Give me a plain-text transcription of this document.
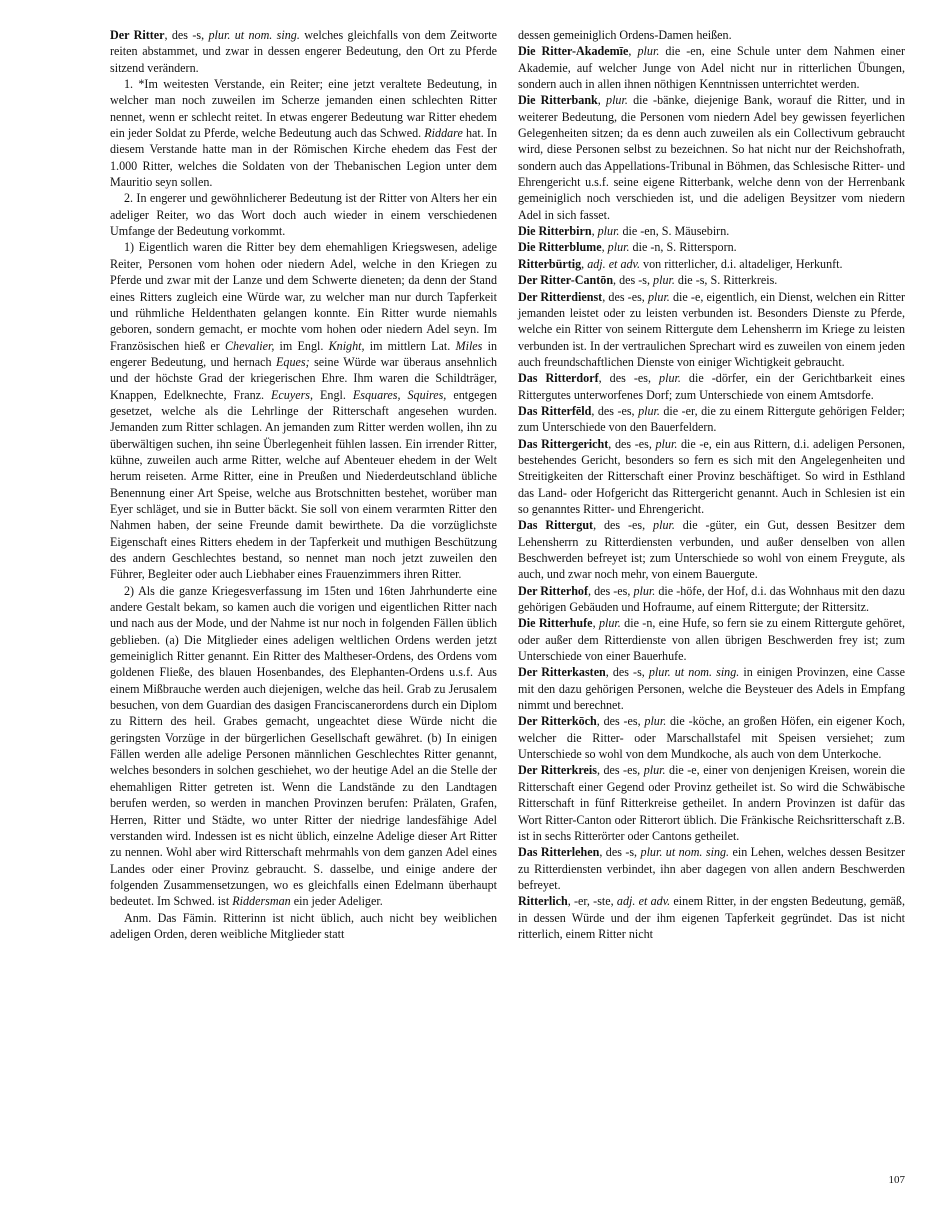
Der Ritter, des -s, plur. ut nom. sing. welches gleichfalls von dem Zeitworte reiten abstammet, und zwar in dessen engerer Bedeutung, den Ort zu Pferde sitzend verändern.

1. *Im weitesten Verstande, ein Reiter; eine jetzt veraltete Bedeutung, in welcher man noch zuweilen im Scherze jemanden einen schlechten Ritter nennet, wenn er schlecht reitet. In etwas engerer Bedeutung war Ritter ehedem ein jeder Soldat zu Pferde, welche Bedeutung auch das Schwed. Riddare hat. In diesem Verstande hatte man in der Römischen Kirche ehedem das Fest der 1.000 Ritter, welches die Soldaten von der Thebanischen Legion unter dem Mauritio seyn sollen.

2. In engerer und gewöhnlicherer Bedeutung ist der Ritter von Alters her ein adeliger Reiter, wo das Wort doch auch wieder in einem verschiedenen Umfange der Bedeutung vorkommt.

1) Eigentlich waren die Ritter bey dem ehemahligen Kriegswesen, adelige Reiter, Personen vom hohen oder niedern Adel, welche in den Kriegen zu Pferde und zwar mit der Lanze und dem Schwerte dieneten; da denn der Stand eines Ritters zugleich eine Würde war, zu welcher man nur durch Tapferkeit und rühmliche Heldenthaten gelangen konnte. Ein Ritter wurde niemahls geboren, sondern gemacht, er mochte vom hohen oder niedern Adel seyn. Im Französischen hieß er Chevalier, im Engl. Knight, im mittlern Lat. Miles in engerer Bedeutung, und hernach Eques; seine Würde war überaus ansehnlich und der höchste Grad der kriegerischen Ehre. Ihm waren die Schildträger, Knappen, Edelknechte, Franz. Ecuyers, Engl. Esquares, Squires, entgegen gesetzet, welche als die Lehrlinge der Ritterschaft angesehen wurden. Jemanden zum Ritter schlagen. An jemanden zum Ritter werden wollen, ihn zu überwältigen suchen, ihn seine Überlegenheit fühlen lassen. Ein irrender Ritter, kühne, zuweilen auch arme Ritter, welche auf Abenteuer ehedem in der Welt herum reiseten. Arme Ritter, eine in Preußen und Niederdeutschland übliche Benennung einer Art Speise, welche aus Brotschnitten bestehet, worüber man Eyer schläget, und sie in Butter bäckt. Sie soll von einem verarmten Ritter den Nahmen haben, der seine Freunde damit bewirthete. Da die vorzüglichste Eigenschaft eines Ritters ehedem in der Tapferkeit und muthigen Beschützung des andern Geschlechtes bestand, so nennet man noch jetzt zuweilen den Führer, Begleiter oder auch Liebhaber eines Frauenzimmers ihren Ritter.

2) Als die ganze Kriegesverfassung im 15ten und 16ten Jahrhunderte eine andere Gestalt bekam, so kamen auch die vorigen und eigentlichen Ritter nach und nach aus der Mode, und der Nahme ist nur noch in folgenden Fällen üblich geblieben. (a) Die Mitglieder eines adeligen weltlichen Ordens werden jetzt gemeiniglich Ritter genannt. Ein Ritter des Maltheser-Ordens, des Ordens vom goldenen Fließe, des blauen Hosenbandes, des Elephanten-Ordens u.s.f. Aus einem Mißbrauche werden auch diejenigen, welche das heil. Grab zu Jerusalem besuchen, von dem Guardian des dasigen Franciscanerordens durch ein Diplom zu Rittern des heil. Grabes gemacht, ungeachtet diese Würde nicht die geringsten Vorzüge in der bürgerlichen Gesellschaft gewähret. (b) In einigen Fällen werden alle adelige Personen männlichen Geschlechtes Ritter genannt, welches besonders in solchen geschiehet, wo der heutige Adel an die Stelle der ehemahligen Ritter getreten ist. Wenn die Landstände zu den Landtagen berufen werden, so werden in manchen Provinzen berufen: Prälaten, Grafen, Herren, Ritter und Städte, wo unter Ritter der niedrige landesfähige Adel verstanden wird. Indessen ist es nicht üblich, einzelne Adelige dieser Art Ritter zu nennen. Wohl aber wird Ritterschaft mehrmahls von dem ganzen Adel eines Landes oder einer Provinz gebraucht. S. dasselbe, und einige andere der folgenden Zusammensetzungen, wo es gleichfalls einen Edelmann überhaupt bedeutet. Im Schwed. ist Riddersman ein jeder Adeliger.

Anm. Das Fämin. Ritterinn ist nicht üblich, auch nicht bey weiblichen adeligen Orden, deren weibliche Mitglieder statt

dessen gemeiniglich Ordens-Damen heißen.

Die Ritter-Akademīe, plur. die -en, eine Schule unter dem Nahmen einer Akademie, auf welcher Junge von Adel nicht nur in ritterlichen Übungen, sondern auch in allen ihnen nöthigen Kenntnissen unterrichtet werden.

Die Ritterbank, plur. die -bänke, diejenige Bank, worauf die Ritter, und in weiterer Bedeutung, die Personen vom niedern Adel bey gewissen feyerlichen Gelegenheiten sitzen; da es denn auch zuweilen als ein Collectivum gebraucht wird, diese Personen selbst zu bezeichnen. So hat nicht nur der Reichshofrath, sondern auch das Appellations-Tribunal in Böhmen, das Schlesische Ritter- und Ehrengericht u.s.f. seine eigene Ritterbank, welche denn von der Herrenbank gemeiniglich noch verschieden ist, und die adeligen Beysitzer vom niedern Adel in sich fasset.

Die Ritterbirn, plur. die -en, S. Mäusebirn.

Die Ritterblume, plur. die -n, S. Rittersporn.

Ritterbürtig, adj. et adv. von ritterlicher, d.i. altadeliger, Herkunft.

Der Ritter-Cantōn, des -s, plur. die -s, S. Ritterkreis.

Der Ritterdienst, des -es, plur. die -e, eigentlich, ein Dienst, welchen ein Ritter jemanden leistet oder zu leisten verbunden ist. Besonders Dienste zu Pferde, welche ein Ritter von seinem Rittergute dem Lehensherrn im Kriege zu leisten verbunden ist. In der vertraulichen Sprechart wird es zuweilen von einem jeden auch freundschaftlichen Dienste von einiger Wichtigkeit gebraucht.

Das Ritterdorf, des -es, plur. die -dörfer, ein der Gerichtbarkeit eines Rittergutes unterworfenes Dorf; zum Unterschiede von einem Amtsdorfe.

Das Ritterfēld, des -es, plur. die -er, die zu einem Rittergute gehörigen Felder; zum Unterschiede von den Bauerfeldern.

Das Rittergericht, des -es, plur. die -e, ein aus Rittern, d.i. adeligen Personen, bestehendes Gericht, besonders so fern es sich mit den Angelegenheiten und Streitigkeiten der Ritterschaft einer Provinz beschäftiget. So wird in Esthland das Land- oder Hofgericht das Rittergericht genannt. Auch in Schlesien ist ein so genanntes Ritter- und Ehrengericht.

Das Rittergut, des -es, plur. die -güter, ein Gut, dessen Besitzer dem Lehensherrn zu Ritterdiensten verbunden, und außer denselben von allen Beschwerden befreyet ist; zum Unterschiede so wohl von einem Freygute, als auch, und zwar noch mehr, von einem Bauergute.

Der Ritterhof, des -es, plur. die -höfe, der Hof, d.i. das Wohnhaus mit den dazu gehörigen Gebäuden und Hofraume, auf einem Rittergute; der Rittersitz.

Die Ritterhufe, plur. die -n, eine Hufe, so fern sie zu einem Rittergute gehöret, oder außer dem Ritterdienste von allen übrigen Beschwerden frey ist; zum Unterschiede von einer Bauerhufe.

Der Ritterkasten, des -s, plur. ut nom. sing. in einigen Provinzen, eine Casse mit den dazu gehörigen Personen, welche die Beysteuer des Adels in Empfang nimmt und berechnet.

Der Ritterkōch, des -es, plur. die -köche, an großen Höfen, ein eigener Koch, welcher die Ritter- oder Marschallstafel mit Speisen versiehet; zum Unterschiede so wohl von dem Mundkoche, als auch von dem Unterkoche.

Der Ritterkreis, des -es, plur. die -e, einer von denjenigen Kreisen, worein die Ritterschaft einer Gegend oder Provinz getheilet ist. So wird die Schwäbische Ritterschaft in fünf Ritterkreise getheilet. In andern Provinzen ist dafür das Wort Ritter-Canton oder Ritterort üblich. Die Fränkische Reichsritterschaft z.B. ist in sechs Ritterörter oder Cantons getheilet.

Das Ritterlehen, des -s, plur. ut nom. sing. ein Lehen, welches dessen Besitzer zu Ritterdiensten verbindet, ihn aber dagegen von allen andern Beschwerden befreyet.

Ritterlich, -er, -ste, adj. et adv. einem Ritter, in der engsten Bedeutung, gemäß, in dessen Würde und der ihm eigenen Tapferkeit gegründet. Das ist nicht ritterlich, einem Ritter nicht

107
